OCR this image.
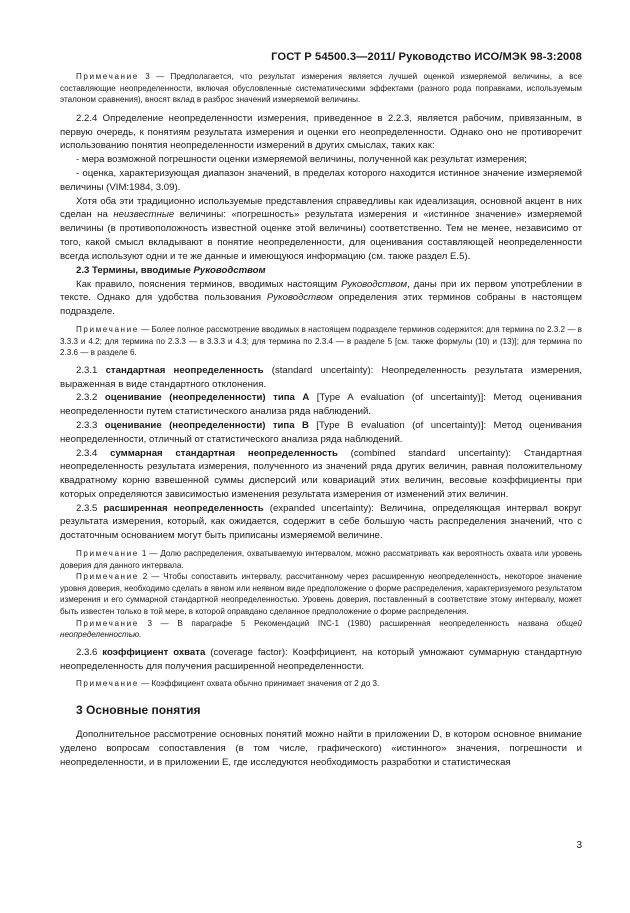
ГОСТ Р 54500.3—2011/ Руководство ИСО/МЭК 98-3:2008

Примечание 3 — Предполагается, что результат измерения является лучшей оценкой измеряемой величины, а все составляющие неопределенности, включая обусловленные систематическими эффектами (разного рода поправками, используемым эталоном сравнения), вносят вклад в разброс значений измеряемой величины.

2.2.4 Определение неопределенности измерения, приведенное в 2.2.3, является рабочим, привязанным, в первую очередь, к понятиям результата измерения и оценки его неопределенности. Однако оно не противоречит использованию понятия неопределенности измерений в других смыслах, таких как:

- мера возможной погрешности оценки измеряемой величины, полученной как результат измерения;

- оценка, характеризующая диапазон значений, в пределах которого находится истинное значение измеряемой величины (VIM:1984, 3.09).

Хотя оба эти традиционно используемые представления справедливы как идеализация, основной акцент в них сделан на неизвестные величины: «погрешность» результата измерения и «истинное значение» измеряемой величины (в противоположность известной оценке этой величины) соответственно. Тем не менее, независимо от того, какой смысл вкладывают в понятие неопределенности, для оценивания составляющей неопределенности всегда используют одни и те же данные и имеющуюся информацию (см. также раздел Е.5).

2.3 Термины, вводимые Руководством

Как правило, пояснения терминов, вводимых настоящим Руководством, даны при их первом употреблении в тексте. Однако для удобства пользования Руководством определения этих терминов собраны в настоящем подразделе.

Примечание — Более полное рассмотрение вводимых в настоящем подразделе терминов содержится: для термина по 2.3.2 — в 3.3.3 и 4.2; для термина по 2.3.3 — в 3.3.3 и 4.3; для термина по 2.3.4 — в разделе 5 [см. также формулы (10) и (13)]; для термина по 2.3.6 — в разделе 6.

2.3.1 стандартная неопределенность (standard uncertainty): Неопределенность результата измерения, выраженная в виде стандартного отклонения.

2.3.2 оценивание (неопределенности) типа А [Type A evaluation (of uncertainty)]: Метод оценивания неопределенности путем статистического анализа ряда наблюдений.

2.3.3 оценивание (неопределенности) типа В [Type B evaluation (of uncertainty)]: Метод оценивания неопределенности, отличный от статистического анализа ряда наблюдений.

2.3.4 суммарная стандартная неопределенность (combined standard uncertainty): Стандартная неопределенность результата измерения, полученного из значений ряда других величин, равная положительному квадратному корню взвешенной суммы дисперсий или ковариаций этих величин, весовые коэффициенты при которых определяются зависимостью изменения результата измерения от изменений этих величин.

2.3.5 расширенная неопределенность (expanded uncertainty): Величина, определяющая интервал вокруг результата измерения, который, как ожидается, содержит в себе большую часть распределения значений, что с достаточным основанием могут быть приписаны измеряемой величине.

Примечание 1 — Долю распределения, охватываемую интервалом, можно рассматривать как вероятность охвата или уровень доверия для данного интервала.

Примечание 2 — Чтобы сопоставить интервалу, рассчитанному через расширенную неопределенность, некоторое значение уровня доверия, необходимо сделать в явном или неявном виде предположение о форме распределения, характеризуемого результатом измерения и его суммарной стандартной неопределенностью. Уровень доверия, поставленный в соответствие этому интервалу, может быть известен только в той мере, в которой оправдано сделанное предположение о форме распределения.

Примечание 3 — В параграфе 5 Рекомендаций INC-1 (1980) расширенная неопределенность названа общей неопределенностью.

2.3.6 коэффициент охвата (coverage factor): Коэффициент, на который умножают суммарную стандартную неопределенность для получения расширенной неопределенности.

Примечание — Коэффициент охвата обычно принимает значения от 2 до 3.

3 Основные понятия

Дополнительное рассмотрение основных понятий можно найти в приложении D, в котором основное внимание уделено вопросам сопоставления (в том числе, графического) «истинного» значения, погрешности и неопределенности, и в приложении Е, где исследуются необходимость разработки и статистическая

3
